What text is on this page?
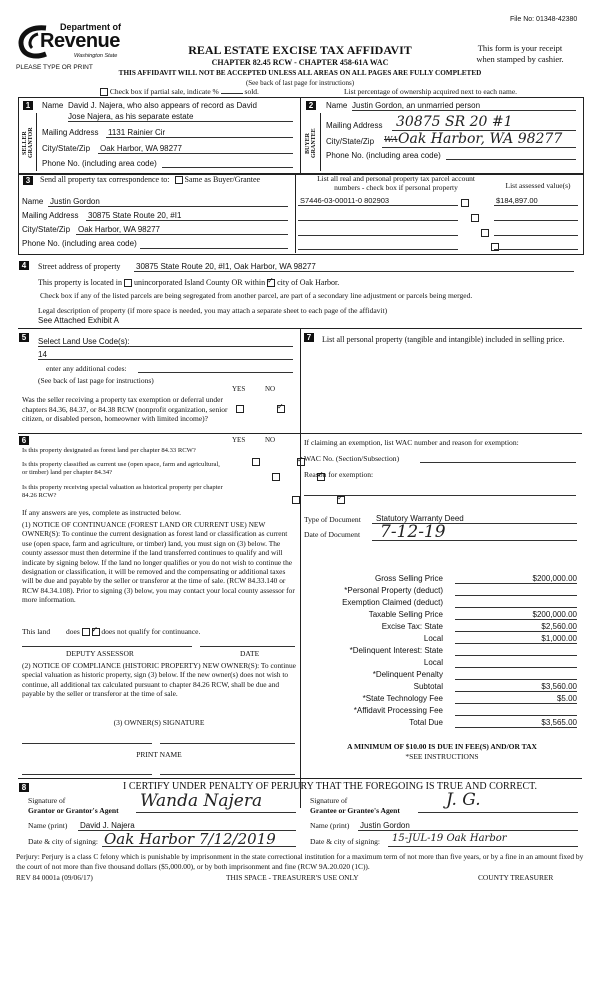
File No: 01348-42380
Department of
Revenue
Washington State
PLEASE TYPE OR PRINT
REAL ESTATE EXCISE TAX AFFIDAVIT
CHAPTER 82.45 RCW - CHAPTER 458-61A WAC
(See back of last page for instructions)
This form is your receipt
when stamped by cashier.
THIS AFFIDAVIT WILL NOT BE ACCEPTED UNLESS ALL AREAS ON ALL PAGES ARE FULLY COMPLETED
Check box if partial sale, indicate %	sold.	List percentage of ownership acquired next to each name.
1
SELLER GRANTOR
Name David J. Najera, who also appears of record as David
Jose Najera, as his separate estate
Mailing Address 1131 Rainier Cir
City/State/Zip Oak Harbor, WA 98277
Phone No. (including area code)
2
BUYER GRANTEE
Name Justin Gordon, an unmarried person
Mailing Address 30875 SR 20 #1
City/State/Zip WA Oak Harbor, WA 98277
Phone No. (including area code)
3	Send all property tax correspondence to: Same as Buyer/Grantee
Name Justin Gordon
Mailing Address 30875 State Route 20, #I1
City/State/Zip Oak Harbor, WA 98277
Phone No. (including area code)
List all real and personal property tax parcel account
numbers - check box if personal property	List assessed value(s)
S7446-03-00011-0 802903
	$184,897.00

4	Street address of property 30875 State Route 20, #I1, Oak Harbor, WA 98277
This property is located in unincorporated Island County OR within ✓ city of Oak Harbor.
Check box if any of the listed parcels are being segregated from another parcel, are part of a secondary line adjustment or parcels being merged.
Legal description of property (if more space is needed, you may attach a separate sheet to each page of the affidavit)
See Attached Exhibit A
5	Select Land Use Code(s):
14
enter any additional codes:
(See back of last page for instructions)
YES	NO
Was the seller receiving a property tax exemption or deferral under chapters 84.36, 84.37, or 84.38 RCW (nonprofit organization, senior citizen, or disabled person, homeowner with limited income)?
✓
7	List all personal property (tangible and intangible) included in selling price.
6	YES	NO
Is this property designated as forest land per chapter 84.33 RCW?
✓
Is this property classified as current use (open space, farm and agricultural, or timber) land per chapter 84.34?
✓
Is this property receiving special valuation as historical property per chapter 84.26 RCW?
✓
If any answers are yes, complete as instructed below.
(1) NOTICE OF CONTINUANCE (FOREST LAND OR CURRENT USE) NEW OWNER(S): To continue the current designation as forest land or classification as current use (open space, farm and agriculture, or timber) land, you must sign on (3) below. The county assessor must then determine if the land transferred continues to qualify and will indicate by signing below. If the land no longer qualifies or you do not wish to continue the designation or classification, it will be removed and the compensating or additional taxes will be due and payable by the seller or transferor at the time of sale. (RCW 84.33.140 or RCW 84.34.108). Prior to signing (3) below, you may contact your local county assessor for more information.
This land does ✓	does not qualify for continuance.
DEPUTY ASSESSOR	DATE
(2) NOTICE OF COMPLIANCE (HISTORIC PROPERTY) NEW OWNER(S): To continue special valuation as historic property, sign (3) below. If the new owner(s) does not wish to continue, all additional tax calculated pursuant to chapter 84.26 RCW, shall be due and payable by the seller or transferor at the time of sale.
(3) OWNER(S) SIGNATURE
PRINT NAME
If claiming an exemption, list WAC number and reason for exemption:
WAC No. (Section/Subsection)
Reason for exemption:
Type of Document Statutory Warranty Deed
Date of Document 7-12-19
Gross Selling Price	$200,000.00
*Personal Property (deduct)
Exemption Claimed (deduct)
Taxable Selling Price	$200,000.00
Excise Tax: State	$2,560.00
Local	$1,000.00
*Delinquent Interest: State
Local
*Delinquent Penalty
Subtotal	$3,560.00
*State Technology Fee	$5.00
*Affidavit Processing Fee
Total Due	$3,565.00
A MINIMUM OF $10.00 IS DUE IN FEE(S) AND/OR TAX
*SEE INSTRUCTIONS
8	I CERTIFY UNDER PENALTY OF PERJURY THAT THE FOREGOING IS TRUE AND CORRECT.
Signature of
Grantor or Grantor's Agent Wanda Najera
Name (print) David J. Najera
Date & city of signing: Oak Harbor 7/12/2019
Signature of
Grantee or Grantee's Agent
J. G.
Name (print) Justin Gordon
Date & city of signing: 15-JUL-19 Oak Harbor
Perjury: Perjury is a class C felony which is punishable by imprisonment in the state correctional institution for a maximum term of not more than five years, or by a fine in an amount fixed by the court of not more than five thousand dollars ($5,000.00), or by both imprisonment and fine (RCW 9A.20.020 (1C)).
REV 84 0001a (09/06/17)	THIS SPACE - TREASURER'S USE ONLY	COUNTY TREASURER
